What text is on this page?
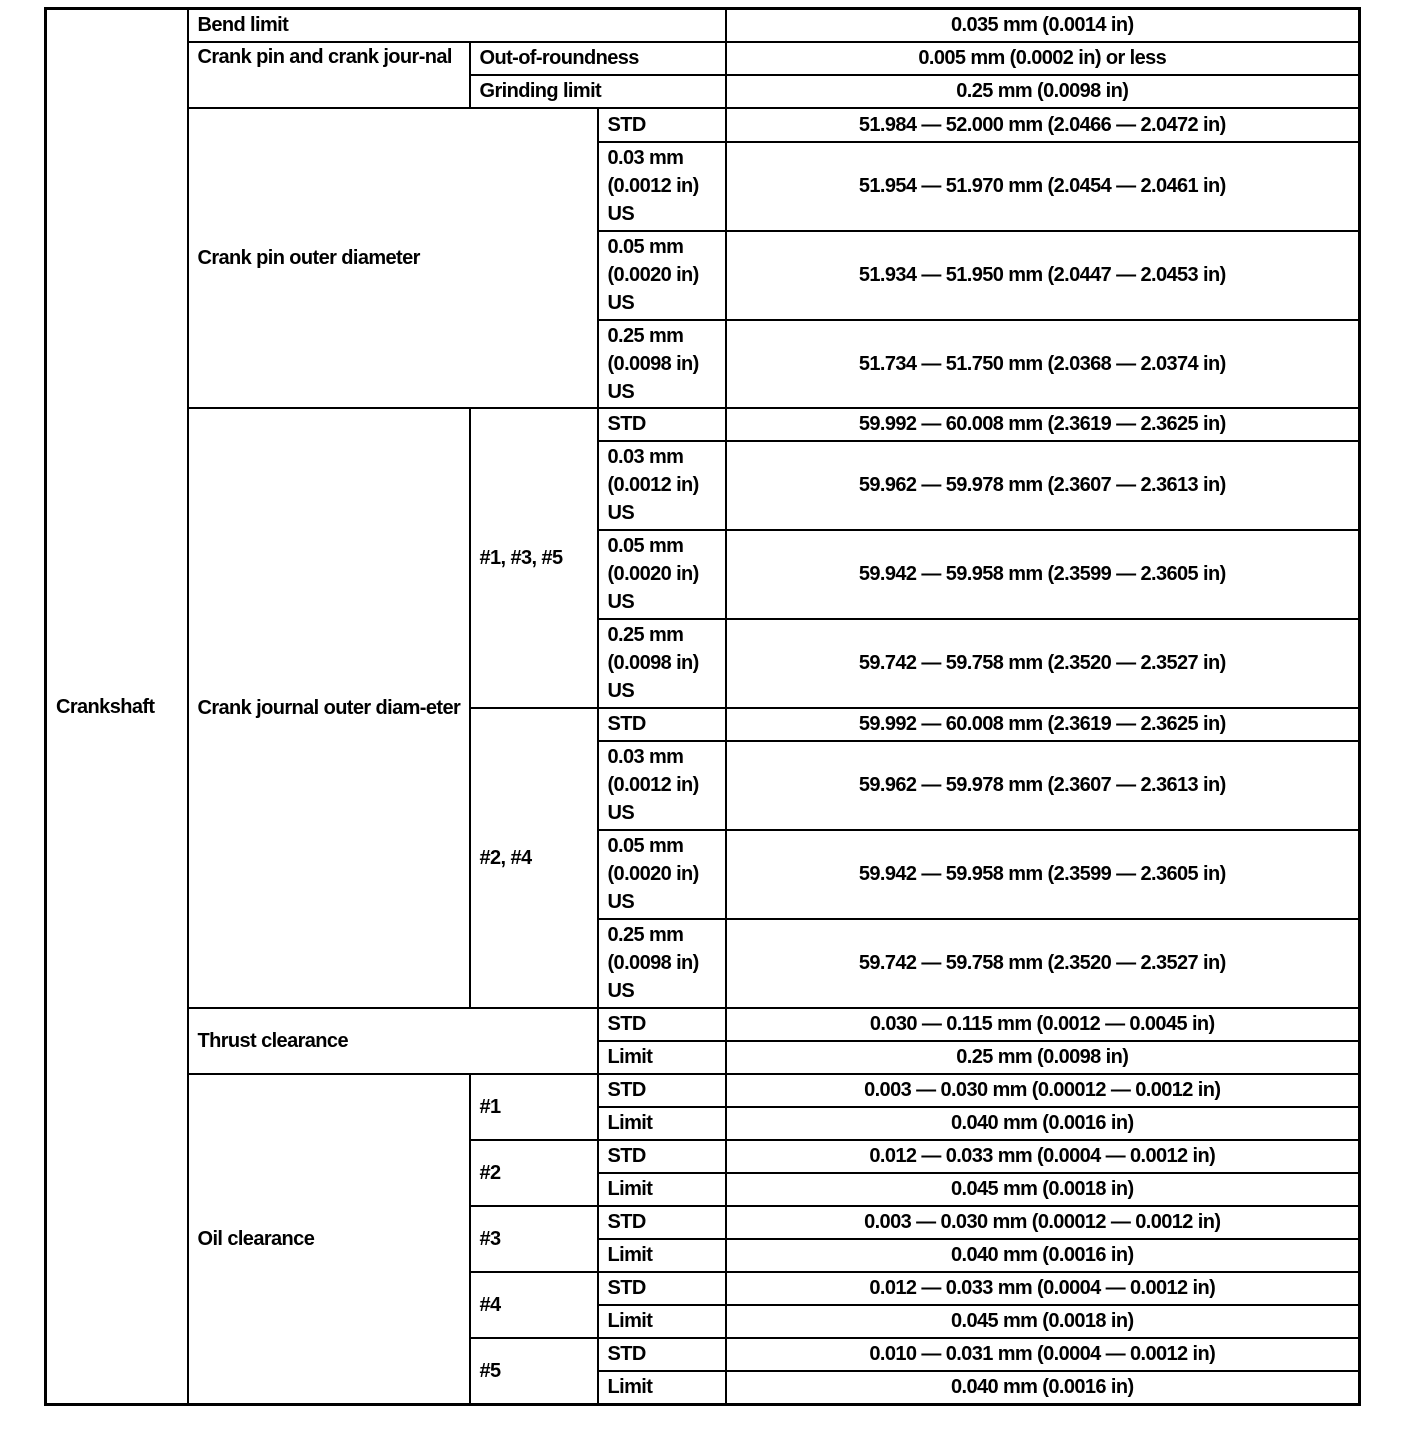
Crankshaft	Bend limit			0.035 mm (0.0014 in)
	Crank pin and crank jour-nal	Out-of-roundness		0.005 mm (0.0002 in) or less
		Grinding limit		0.25 mm (0.0098 in)
	Crank pin outer diameter		STD	51.984 — 52.000 mm (2.0466 — 2.0472 in)
			0.03 mm (0.0012 in) US	51.954 — 51.970 mm (2.0454 — 2.0461 in)
			0.05 mm (0.0020 in) US	51.934 — 51.950 mm (2.0447 — 2.0453 in)
			0.25 mm (0.0098 in) US	51.734 — 51.750 mm (2.0368 — 2.0374 in)
	Crank journal outer diam-eter	#1, #3, #5	STD	59.992 — 60.008 mm (2.3619 — 2.3625 in)
			0.03 mm (0.0012 in) US	59.962 — 59.978 mm (2.3607 — 2.3613 in)
			0.05 mm (0.0020 in) US	59.942 — 59.958 mm (2.3599 — 2.3605 in)
			0.25 mm (0.0098 in) US	59.742 — 59.758 mm (2.3520 — 2.3527 in)
		#2, #4	STD	59.992 — 60.008 mm (2.3619 — 2.3625 in)
			0.03 mm (0.0012 in) US	59.962 — 59.978 mm (2.3607 — 2.3613 in)
			0.05 mm (0.0020 in) US	59.942 — 59.958 mm (2.3599 — 2.3605 in)
			0.25 mm (0.0098 in) US	59.742 — 59.758 mm (2.3520 — 2.3527 in)
	Thrust clearance		STD	0.030 — 0.115 mm (0.0012 — 0.0045 in)
			Limit	0.25 mm (0.0098 in)
	Oil clearance	#1	STD	0.003 — 0.030 mm (0.00012 — 0.0012 in)
			Limit	0.040 mm (0.0016 in)
		#2	STD	0.012 — 0.033 mm (0.0004 — 0.0012 in)
			Limit	0.045 mm (0.0018 in)
		#3	STD	0.003 — 0.030 mm (0.00012 — 0.0012 in)
			Limit	0.040 mm (0.0016 in)
		#4	STD	0.012 — 0.033 mm (0.0004 — 0.0012 in)
			Limit	0.045 mm (0.0018 in)
		#5	STD	0.010 — 0.031 mm (0.0004 — 0.0012 in)
			Limit	0.040 mm (0.0016 in)
